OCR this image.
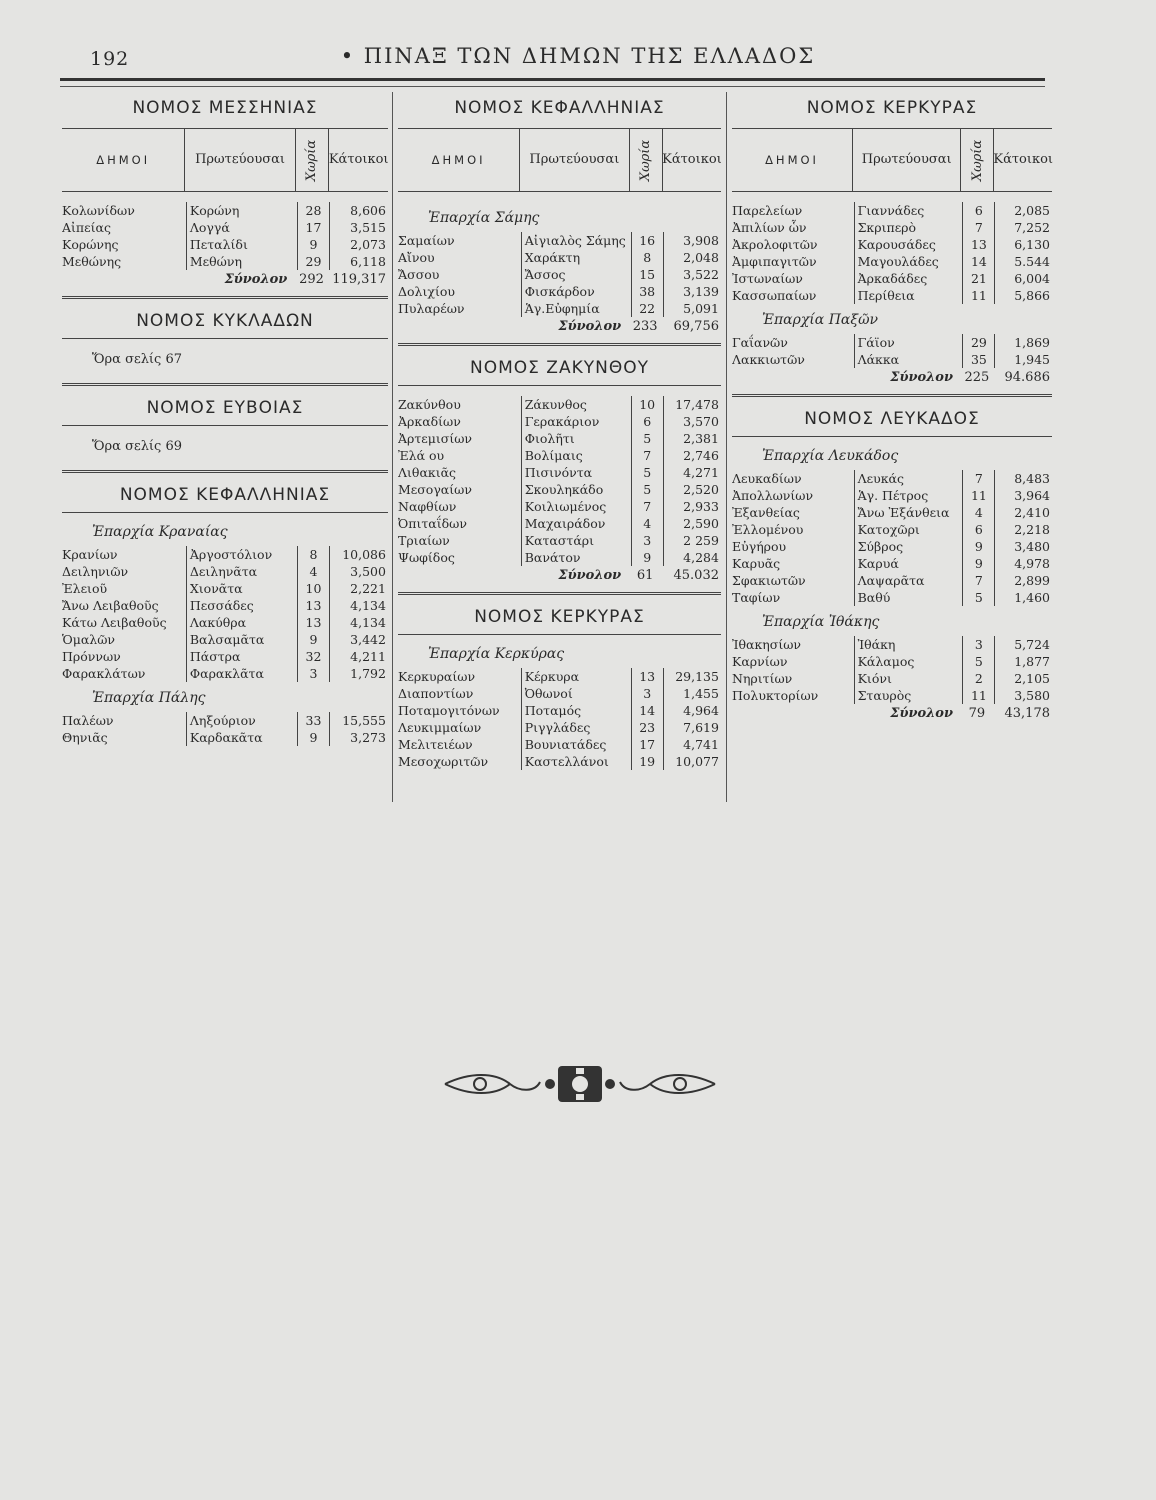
192	• ΠΙΝΑΞ ΤΩΝ ΔΗΜΩΝ ΤΗΣ ΕΛΛΑΔΟΣ
ΝΟΜΟΣ ΜΕΣΣΗΝΙΑΣ
ΔΗΜΟΙ	Πρωτεύουσαι	Χωρία Κάτοικοι
Κολωνίδων	Κορώνη	28	8,606
Αἰπείας	Λογγά	17	3,515
Κορώνης	Πεταλίδι	9	2,073
Μεθώνης	Μεθώνη	29	6,118
Σύνολον 292 119,317
ΝΟΜΟΣ ΚΥΚΛΑΔΩΝ
Ὅρα σελίς 67
ΝΟΜΟΣ ΕΥΒΟΙΑΣ
Ὅρα σελίς 69
ΝΟΜΟΣ ΚΕΦΑΛΛΗΝΙΑΣ
Ἐπαρχία Κραναίας
Κρανίων	Ἀργοστόλιον	8	10,086
Δειληνιῶν	Δειληνᾶτα	4	3,500
Ἐλειοῦ	Χιονᾶτα	10	2,221
Ἄνω Λειβαθοῦς	Πεσσάδες	13	4,134
Κάτω Λειβαθοῦς	Λακύθρα	13	4,134
Ὁμαλῶν	Βαλσαμᾶτα	9	3,442
Πρόννων	Πάστρα	32	4,211
Φαρακλάτων	Φαρακλᾶτα	3	1,792
Ἐπαρχία Πάλης
Παλέων	Ληξούριον	33	15,555
Θηνιᾶς	Καρδακᾶτα	9	3,273
ΝΟΜΟΣ ΚΕΦΑΛΛΗΝΙΑΣ
ΔΗΜΟΙ	Πρωτεύουσαι	Χωρία Κάτοικοι
Ἐπαρχία Σάμης
Σαμαίων	Αἰγιαλὸς Σάμης	16	3,908
Αἴνου	Χαράκτη	8	2,048
Ἄσσου	Ἄσσος	15	3,522
Δολιχίου	Φισκάρδον	38	3,139
Πυλαρέων	Ἁγ.Εὐφημία	22	5,091
Σύνολον 233	69,756
ΝΟΜΟΣ ΖΑΚΥΝΘΟΥ
Ζακύνθου	Ζάκυνθος	10	17,478
Ἀρκαδίων	Γερακάριον	6	3,570
Ἀρτεμισίων	Φιολῆτι	5	2,381
Ἐλά ου	Βολίμαις	7	2,746
Λιθακιᾶς	Πισινόντα	5	4,271
Μεσογαίων	Σκουληκάδο	5	2,520
Ναφθίων	Κοιλιωμένος	7	2,933
Ὀπιταΐδων	Μαχαιράδον	4	2,590
Τριαίων	Καταστάρι	3	2 259
Ψωφίδος	Βανάτον	9	4,284
Σύνολον	61	45.032
ΝΟΜΟΣ ΚΕΡΚΥΡΑΣ
Ἐπαρχία Κερκύρας
Κερκυραίων	Κέρκυρα	13	29,135
Διαποντίων	Ὀθωνοί	3	1,455
Ποταμογιτόνων	Ποταμός	14	4,964
Λευκιμμαίων	Ριγγλάδες	23	7,619
Μελιτειέων	Βουνιατάδες	17	4,741
Μεσοχωριτῶν	Καστελλάνοι	19	10,077
ΝΟΜΟΣ ΚΕΡΚΥΡΑΣ
ΔΗΜΟΙ	Πρωτεύουσαι	Χωρία Κάτοικοι
Παρελείων	Γιαννάδες	6	2,085
Ἀπιλίων ὧν	Σκριπερὸ	7	7,252
Ἀκρολοφιτῶν	Καρουσάδες	13	6,130
Ἀμφιπαγιτῶν	Μαγουλάδες	14	5.544
Ἰστωναίων	Ἀρκαδάδες	21	6,004
Κασσωπαίων	Περίθεια	11	5,866
Ἐπαρχία Παξῶν
Γαΐανῶν	Γάϊον	29	1,869
Λακκιωτῶν	Λάκκα	35	1,945
Σύνολον 225	94.686
ΝΟΜΟΣ ΛΕΥΚΑΔΟΣ
Ἐπαρχία Λευκάδος
Λευκαδίων	Λευκάς	7	8,483
Ἀπολλωνίων	Ἁγ. Πέτρος	11	3,964
Ἐξανθείας	Ἄνω Ἐξάνθεια	4	2,410
Ἐλλομένου	Κατοχῶρι	6	2,218
Εὐγήρου	Σύβρος	9	3,480
Καρυᾶς	Καρυά	9	4,978
Σφακιωτῶν	Λαψαρᾶτα	7	2,899
Ταφίων	Βαθύ	5	1,460
Ἐπαρχία Ἰθάκης
Ἰθακησίων	Ἰθάκη	3	5,724
Καρνίων	Κάλαμος	5	1,877
Νηριτίων	Κιόνι	2	2,105
Πολυκτορίων	Σταυρὸς	11	3,580
Σύνολον	79	43,178
